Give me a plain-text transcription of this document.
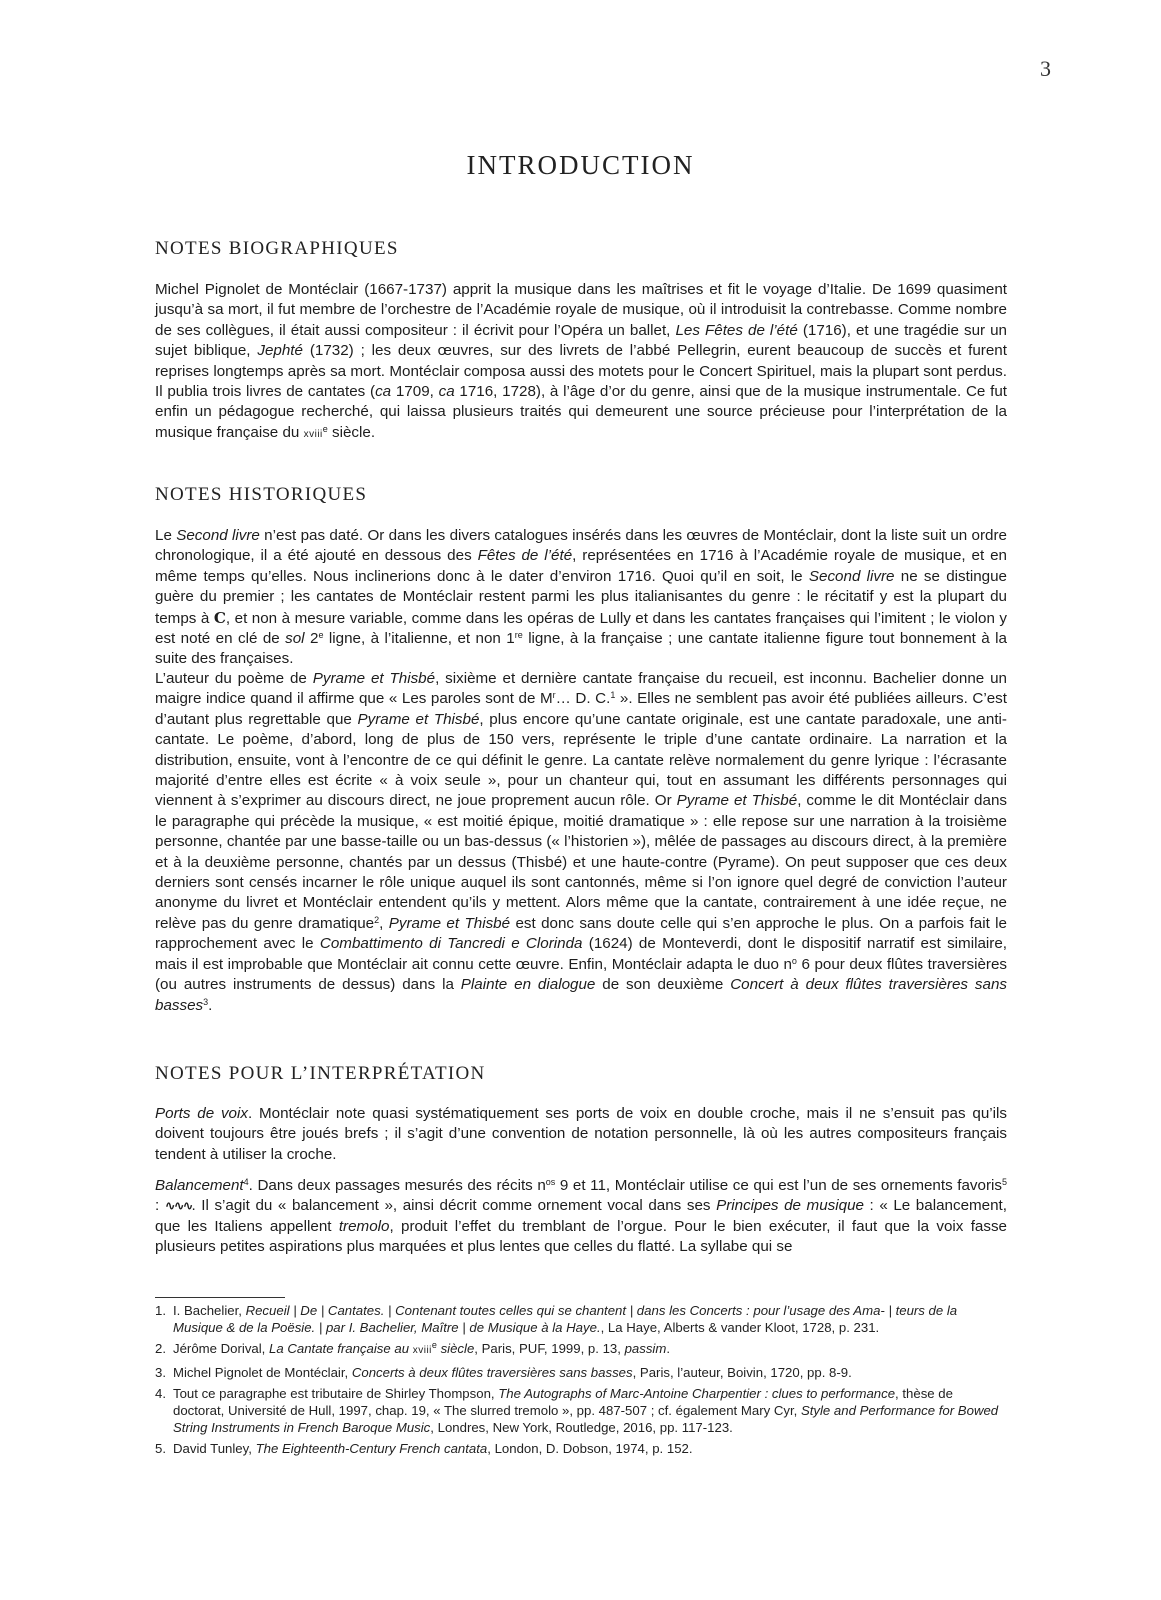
3
INTRODUCTION
NOTES BIOGRAPHIQUES

Michel Pignolet de Montéclair (1667-1737) apprit la musique dans les maîtrises et fit le voyage d’Italie. De 1699 quasiment jusqu’à sa mort, il fut membre de l’orchestre de l’Académie royale de musique, où il introduisit la contrebasse. Comme nombre de ses collègues, il était aussi compositeur : il écrivit pour l’Opéra un ballet, Les Fêtes de l’été (1716), et une tragédie sur un sujet biblique, Jephté (1732) ; les deux œuvres, sur des livrets de l’abbé Pellegrin, eurent beaucoup de succès et furent reprises longtemps après sa mort. Montéclair composa aussi des motets pour le Concert Spirituel, mais la plupart sont perdus. Il publia trois livres de cantates (ca 1709, ca 1716, 1728), à l’âge d’or du genre, ainsi que de la musique instrumentale. Ce fut enfin un pédagogue recherché, qui laissa plusieurs traités qui demeurent une source précieuse pour l’interprétation de la musique française du xviii$^e$ siècle.

NOTES HISTORIQUES

Le Second livre n’est pas daté. Or dans les divers catalogues insérés dans les œuvres de Montéclair, dont la liste suit un ordre chronologique, il a été ajouté en dessous des Fêtes de l’été, représentées en 1716 à l’Académie royale de musique, et en même temps qu’elles. Nous inclinerions donc à le dater d’environ 1716. Quoi qu’il en soit, le Second livre ne se distingue guère du premier ; les cantates de Montéclair restent parmi les plus italianisantes du genre : le récitatif y est la plupart du temps à C, et non à mesure variable, comme dans les opéras de Lully et dans les cantates françaises qui l’imitent ; le violon y est noté en clé de sol 2e ligne, à l’italienne, et non 1re ligne, à la française ; une cantate italienne figure tout bonnement à la suite des françaises.

L’auteur du poème de Pyrame et Thisbé, sixième et dernière cantate française du recueil, est inconnu. Bachelier donne un maigre indice quand il affirme que « Les paroles sont de $M^r\dots$ D. C.$^1$ ». Elles ne semblent pas avoir été publiées ailleurs. C’est d’autant plus regrettable que Pyrame et Thisbé, plus encore qu’une cantate originale, est une cantate paradoxale, une anti-cantate. Le poème, d’abord, long de plus de 150 vers, représente le triple d’une cantate ordinaire. La narration et la distribution, ensuite, vont à l’encontre de ce qui définit le genre. La cantate relève normalement du genre lyrique : l’écrasante majorité d’entre elles est écrite « à voix seule », pour un chanteur qui, tout en assumant les différents personnages qui viennent à s’exprimer au discours direct, ne joue proprement aucun rôle. Or Pyrame et Thisbé, comme le dit Montéclair dans le paragraphe qui précède la musique, « est moitié épique, moitié dramatique » : elle repose sur une narration à la troisième personne, chantée par une basse-taille ou un bas-dessus (« l’historien »), mêlée de passages au discours direct, à la première et à la deuxième personne, chantés par un dessus (Thisbé) et une haute-contre (Pyrame). On peut supposer que ces deux derniers sont censés incarner le rôle unique auquel ils sont cantonnés, même si l’on ignore quel degré de conviction l’auteur anonyme du livret et Montéclair entendent qu’ils y mettent. Alors même que la cantate, contrairement à une idée reçue, ne relève pas du genre dramatique$^2$, Pyrame et Thisbé est donc sans doute celle qui s’en approche le plus. On a parfois fait le rapprochement avec le Combattimento di Tancredi e Clorinda (1624) de Monteverdi, dont le dispositif narratif est similaire, mais il est improbable que Montéclair ait connu cette œuvre. Enfin, Montéclair adapta le duo $n^o$ 6 pour deux flûtes traversières (ou autres instruments de dessus) dans la Plainte en dialogue de son deuxième Concert à deux flûtes traversières sans basses$^3$.

NOTES POUR L’INTERPRÉTATION

Ports de voix. Montéclair note quasi systématiquement ses ports de voix en double croche, mais il ne s’ensuit pas qu’ils doivent toujours être joués brefs ; il s’agit d’une convention de notation personnelle, là où les autres compositeurs français tendent à utiliser la croche.

Balancement$^4$. Dans deux passages mesurés des récits $n^{os}$ 9 et 11, Montéclair utilise ce qui est l’un de ses ornements favoris$^5$ : ∿∿∿. Il s’agit du « balancement », ainsi décrit comme ornement vocal dans ses Principes de musique : « Le balancement, que les Italiens appellent tremolo, produit l’effet du tremblant de l’orgue. Pour le bien exécuter, il faut que la voix fasse plusieurs petites aspirations plus marquées et plus lentes que celles du flatté. La syllabe qui se

1. I. Bachelier, Recueil | De | Cantates. | Contenant toutes celles qui se chantent | dans les Concerts : pour l’usage des Ama- | teurs de la Musique & de la Poësie. | par I. Bachelier, Maître | de Musique à la Haye., La Haye, Alberts & vander Kloot, 1728, p. 231.
2. Jérôme Dorival, La Cantate française au xviii$^e$ siècle, Paris, PUF, 1999, p. 13, passim.
3. Michel Pignolet de Montéclair, Concerts à deux flûtes traversières sans basses, Paris, l’auteur, Boivin, 1720, pp. 8-9.
4. Tout ce paragraphe est tributaire de Shirley Thompson, The Autographs of Marc-Antoine Charpentier : clues to performance, thèse de doctorat, Université de Hull, 1997, chap. 19, « The slurred tremolo », pp. 487-507 ; cf. également Mary Cyr, Style and Performance for Bowed String Instruments in French Baroque Music, Londres, New York, Routledge, 2016, pp. 117-123.
5. David Tunley, The Eighteenth-Century French cantata, London, D. Dobson, 1974, p. 152.
